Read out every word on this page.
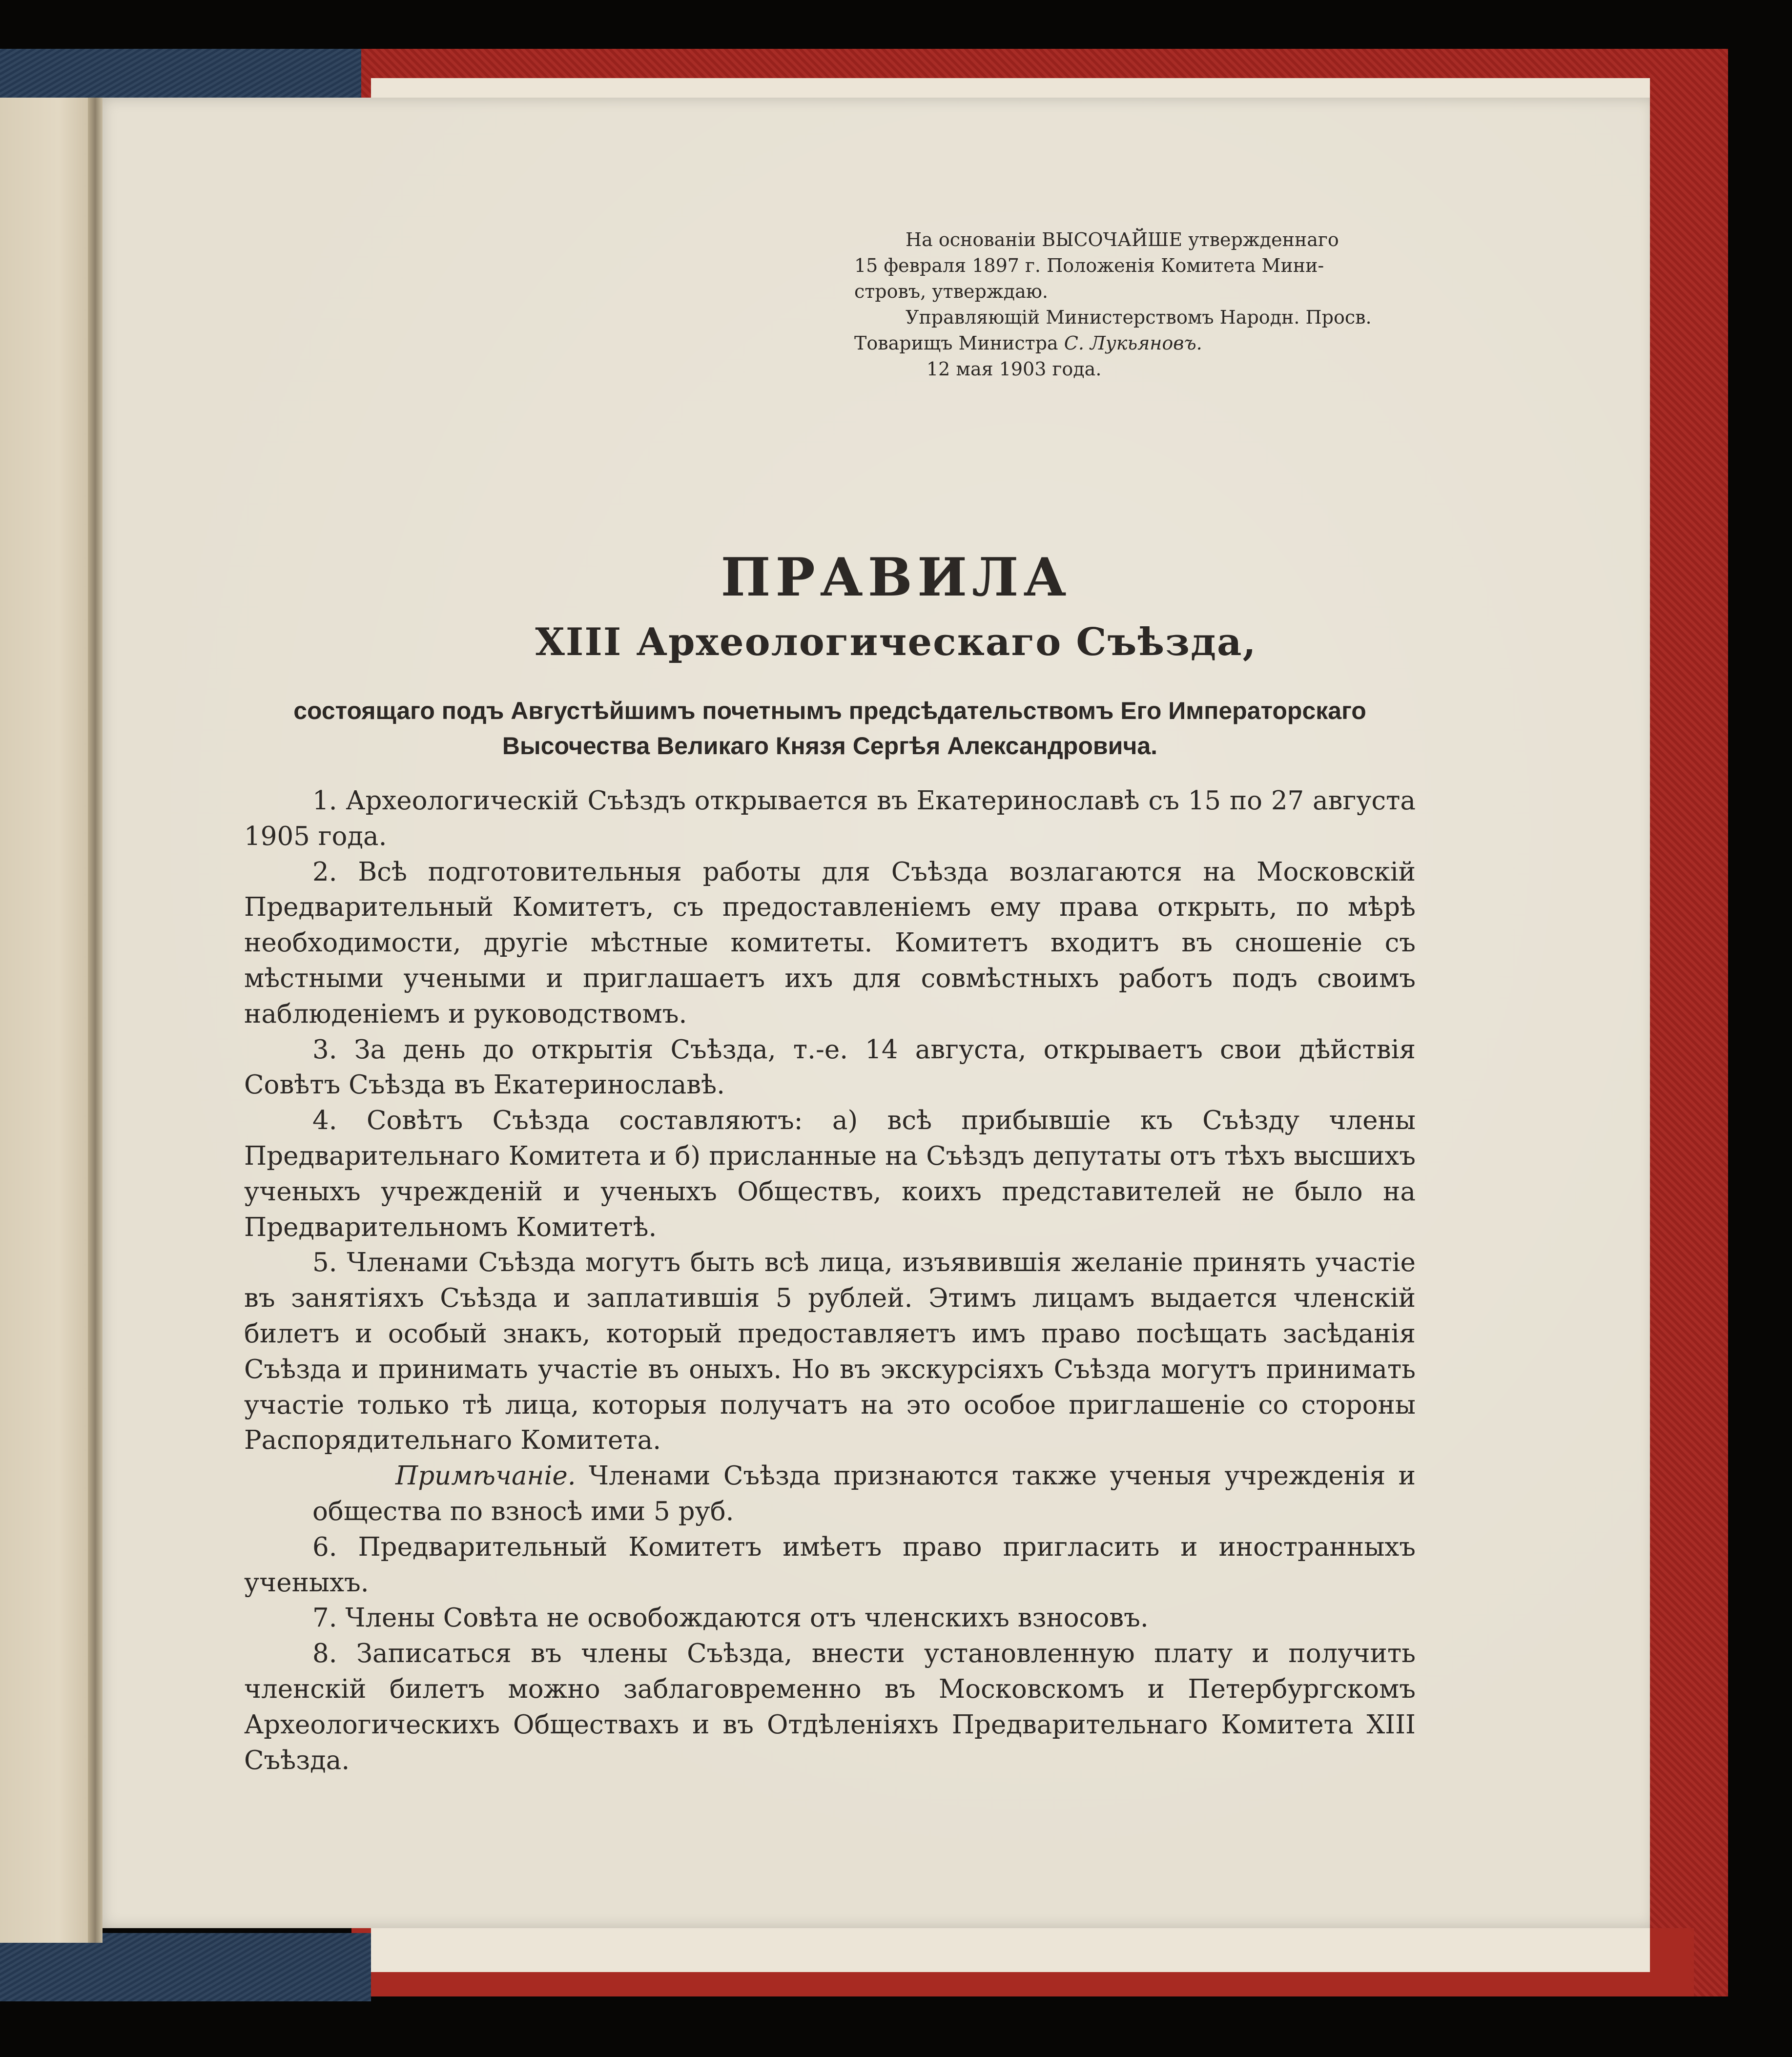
На основаніи ВЫСОЧАЙШЕ утвержденнаго

15 февраля 1897 г. Положенія Комитета Мини-

стровъ, утверждаю.

Управляющій Министерствомъ Народн. Просв.

Товарищъ Министра С. Лукьяновъ.

12 мая 1903 года.

ПРАВИЛА
XIII Археологическаго Съѣзда,

состоящаго подъ Августѣйшимъ почетнымъ предсѣдательствомъ Его Императорскаго

Высочества Великаго Князя Сергѣя Александровича.

1. Археологическій Съѣздъ открывается въ Екатеринославѣ съ 15 по 27 августа 1905 года.

2. Всѣ подготовительныя работы для Съѣзда возлагаются на Московскій Предварительный Комитетъ, съ предоставленіемъ ему права открыть, по мѣрѣ необходимости, другіе мѣстные комитеты. Комитетъ входитъ въ сношеніе съ мѣстными учеными и приглашаетъ ихъ для совмѣстныхъ работъ подъ своимъ наблюденіемъ и руководствомъ.

3. За день до открытія Съѣзда, т.-е. 14 августа, открываетъ свои дѣйствія Совѣтъ Съѣзда въ Екатеринославѣ.

4. Совѣтъ Съѣзда составляютъ: а) всѣ прибывшіе къ Съѣзду члены Предварительнаго Комитета и б) присланные на Съѣздъ депутаты отъ тѣхъ высшихъ ученыхъ учрежденій и ученыхъ Обществъ, коихъ представителей не было на Предварительномъ Комитетѣ.

5. Членами Съѣзда могутъ быть всѣ лица, изъявившія желаніе принять участіе въ занятіяхъ Съѣзда и заплатившія 5 рублей. Этимъ лицамъ выдается членскій билетъ и особый знакъ, который предоставляетъ имъ право посѣщать засѣданія Съѣзда и принимать участіе въ оныхъ. Но въ экскурсіяхъ Съѣзда могутъ принимать участіе только тѣ лица, которыя получатъ на это особое приглашеніе со стороны Распорядительнаго Комитета.

Примѣчаніе. Членами Съѣзда признаются также ученыя учрежденія и общества по взносѣ ими 5 руб.

6. Предварительный Комитетъ имѣетъ право пригласить и иностранныхъ ученыхъ.

7. Члены Совѣта не освобождаются отъ членскихъ взносовъ.

8. Записаться въ члены Съѣзда, внести установленную плату и получить членскій билетъ можно заблаговременно въ Московскомъ и Петербургскомъ Археологическихъ Обществахъ и въ Отдѣленіяхъ Предварительнаго Комитета XIII Съѣзда.
